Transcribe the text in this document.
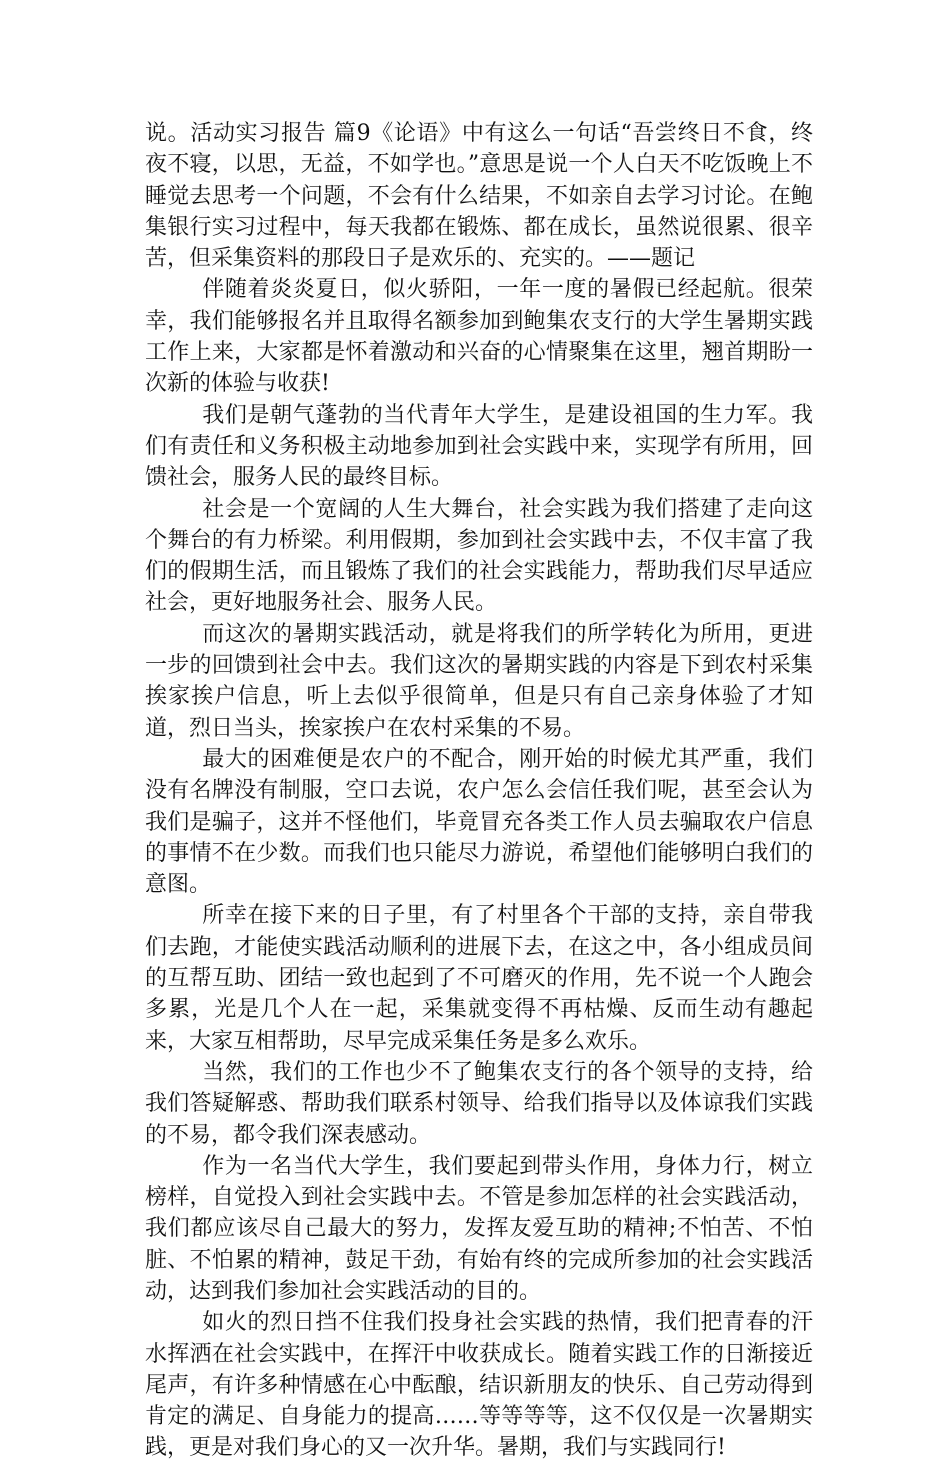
说。活动实习报告 篇9《论语》中有这么一句话“吾尝终日不食，终夜不寝，以思，无益，不如学也。”意思是说一个人白天不吃饭晚上不睡觉去思考一个问题，不会有什么结果，不如亲自去学习讨论。在鲍集银行实习过程中，每天我都在锻炼、都在成长，虽然说很累、很辛苦，但采集资料的那段日子是欢乐的、充实的。——题记

伴随着炎炎夏日，似火骄阳，一年一度的暑假已经起航。很荣幸，我们能够报名并且取得名额参加到鲍集农支行的大学生暑期实践工作上来，大家都是怀着激动和兴奋的心情聚集在这里，翘首期盼一次新的体验与收获!

我们是朝气蓬勃的当代青年大学生，是建设祖国的生力军。我们有责任和义务积极主动地参加到社会实践中来，实现学有所用，回馈社会，服务人民的最终目标。

社会是一个宽阔的人生大舞台，社会实践为我们搭建了走向这个舞台的有力桥梁。利用假期，参加到社会实践中去，不仅丰富了我们的假期生活，而且锻炼了我们的社会实践能力，帮助我们尽早适应社会，更好地服务社会、服务人民。

而这次的暑期实践活动，就是将我们的所学转化为所用，更进一步的回馈到社会中去。我们这次的暑期实践的内容是下到农村采集挨家挨户信息，听上去似乎很简单，但是只有自己亲身体验了才知道，烈日当头，挨家挨户在农村采集的不易。

最大的困难便是农户的不配合，刚开始的时候尤其严重，我们没有名牌没有制服，空口去说，农户怎么会信任我们呢，甚至会认为我们是骗子，这并不怪他们，毕竟冒充各类工作人员去骗取农户信息的事情不在少数。而我们也只能尽力游说，希望他们能够明白我们的意图。

所幸在接下来的日子里，有了村里各个干部的支持，亲自带我们去跑，才能使实践活动顺利的进展下去，在这之中，各小组成员间的互帮互助、团结一致也起到了不可磨灭的作用，先不说一个人跑会多累，光是几个人在一起，采集就变得不再枯燥、反而生动有趣起来，大家互相帮助，尽早完成采集任务是多么欢乐。

当然，我们的工作也少不了鲍集农支行的各个领导的支持，给我们答疑解惑、帮助我们联系村领导、给我们指导以及体谅我们实践的不易，都令我们深表感动。

作为一名当代大学生，我们要起到带头作用，身体力行，树立榜样，自觉投入到社会实践中去。不管是参加怎样的社会实践活动，我们都应该尽自己最大的努力，发挥友爱互助的精神;不怕苦、不怕脏、不怕累的精神，鼓足干劲，有始有终的完成所参加的社会实践活动，达到我们参加社会实践活动的目的。

如火的烈日挡不住我们投身社会实践的热情，我们把青春的汗水挥洒在社会实践中，在挥汗中收获成长。随着实践工作的日渐接近尾声，有许多种情感在心中酝酿，结识新朋友的快乐、自己劳动得到肯定的满足、自身能力的提高……等等等等，这不仅仅是一次暑期实践，更是对我们身心的又一次升华。暑期，我们与实践同行!
